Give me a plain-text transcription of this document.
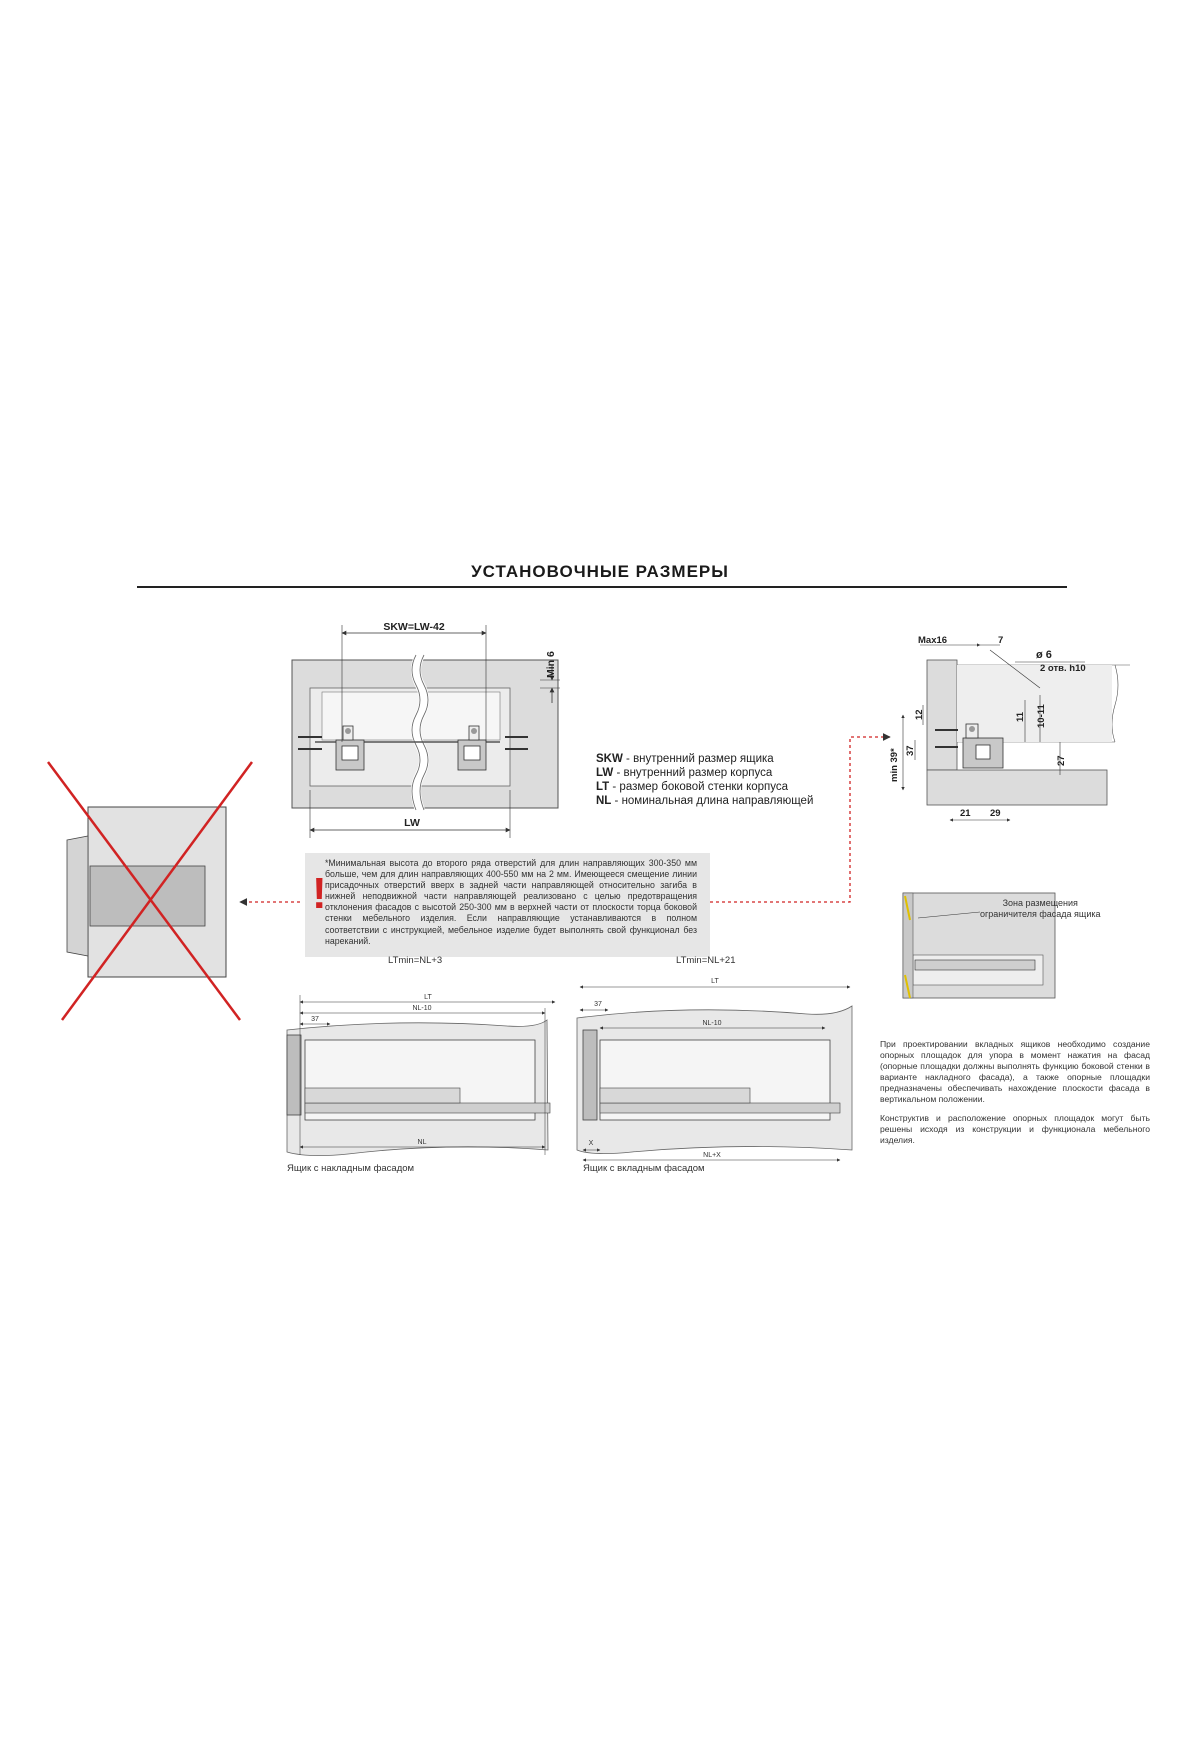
УСТАНОВОЧНЫЕ РАЗМЕРЫ
SKW=LW-42
Min 6
LW
Max16	7
ø 6
2 отв. h10
12	11 10-11
37
min 39*	27
21 29
LT
NL-10
37
NL
LT
37
NL-10
X
NL+X
SKW - внутренний размер ящика
LW - внутренний размер корпуса
LT - размер боковой стенки корпуса
NL - номинальная длина направляющей
!
*Минимальная высота до второго ряда отверстий для длин направляющих 300-350 мм больше, чем для длин направляющих 400-550 мм на 2 мм. Имеющееся смещение линии присадочных отверстий вверх в задней части направляющей относительно загиба в нижней неподвижной части направляющей реализовано с целью предотвращения отклонения фасадов с высотой 250-300 мм в верхней части от плоскости торца боковой стенки мебельного изделия. Если направляющие устанавливаются в полном соответствии с инструкцией, мебельное изделие будет выполнять свой функционал без нареканий.
Зона размещения
ограничителя фасада ящика
LTmin=NL+3	LTmin=NL+21
Ящик с накладным фасадом	Ящик с вкладным фасадом

При проектировании вкладных ящиков необходимо создание опорных площадок для упора в момент нажатия на фасад (опорные площадки должны выполнять функцию боковой стенки в варианте накладного фасада), а также опорные площадки предназначены обеспечивать нахождение плоскости фасада в вертикальном положении.

Конструктив и расположение опорных площадок могут быть решены исходя из конструкции и функционала мебельного изделия.
